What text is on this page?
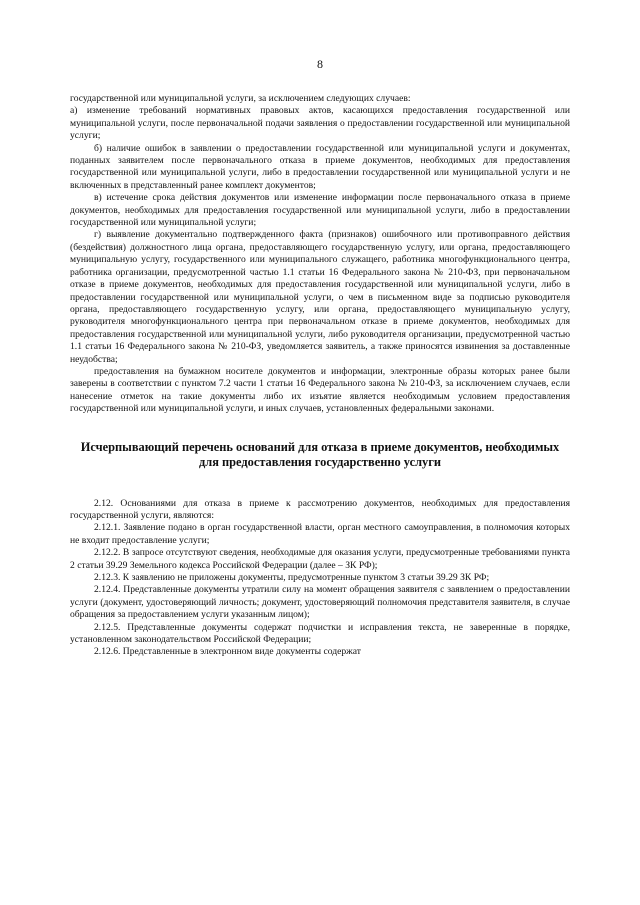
8

государственной или муниципальной услуги, за исключением следующих случаев:

а) изменение требований нормативных правовых актов, касающихся предоставления государственной или муниципальной услуги, после первоначальной подачи заявления о предоставлении государственной или муниципальной услуги;

б) наличие ошибок в заявлении о предоставлении государственной или муниципальной услуги и документах, поданных заявителем после первоначального отказа в приеме документов, необходимых для предоставления государственной или муниципальной услуги, либо в предоставлении государственной или муниципальной услуги и не включенных в представленный ранее комплект документов;

в) истечение срока действия документов или изменение информации после первоначального отказа в приеме документов, необходимых для предоставления государственной или муниципальной услуги, либо в предоставлении государственной или муниципальной услуги;

г) выявление документально подтвержденного факта (признаков) ошибочного или противоправного действия (бездействия) должностного лица органа, предоставляющего государственную услугу, или органа, предоставляющего муниципальную услугу, государственного или муниципального служащего, работника многофункционального центра, работника организации, предусмотренной частью 1.1 статьи 16 Федерального закона № 210-ФЗ, при первоначальном отказе в приеме документов, необходимых для предоставления государственной или муниципальной услуги, либо в предоставлении государственной или муниципальной услуги, о чем в письменном виде за подписью руководителя органа, предоставляющего государственную услугу, или органа, предоставляющего муниципальную услугу, руководителя многофункционального центра при первоначальном отказе в приеме документов, необходимых для предоставления государственной или муниципальной услуги, либо руководителя организации, предусмотренной частью 1.1 статьи 16 Федерального закона № 210-ФЗ, уведомляется заявитель, а также приносятся извинения за доставленные неудобства;

предоставления на бумажном носителе документов и информации, электронные образы которых ранее были заверены в соответствии с пунктом 7.2 части 1 статьи 16 Федерального закона № 210-ФЗ, за исключением случаев, если нанесение отметок на такие документы либо их изъятие является необходимым условием предоставления государственной или муниципальной услуги, и иных случаев, установленных федеральными законами.

Исчерпывающий перечень оснований для отказа в приеме документов, необходимых для предоставления государственно услуги

2.12. Основаниями для отказа в приеме к рассмотрению документов, необходимых для предоставления государственной услуги, являются:

2.12.1. Заявление подано в орган государственной власти, орган местного самоуправления, в полномочия которых не входит предоставление услуги;

2.12.2. В запросе отсутствуют сведения, необходимые для оказания услуги, предусмотренные требованиями пункта 2 статьи 39.29 Земельного кодекса Российской Федерации (далее – ЗК РФ);

2.12.3. К заявлению не приложены документы, предусмотренные пунктом 3 статьи 39.29 ЗК РФ;

2.12.4. Представленные документы утратили силу на момент обращения заявителя с заявлением о предоставлении услуги (документ, удостоверяющий личность; документ, удостоверяющий полномочия представителя заявителя, в случае обращения за предоставлением услуги указанным лицом);

2.12.5. Представленные документы содержат подчистки и исправления текста, не заверенные в порядке, установленном законодательством Российской Федерации;

2.12.6. Представленные в электронном виде документы содержат
